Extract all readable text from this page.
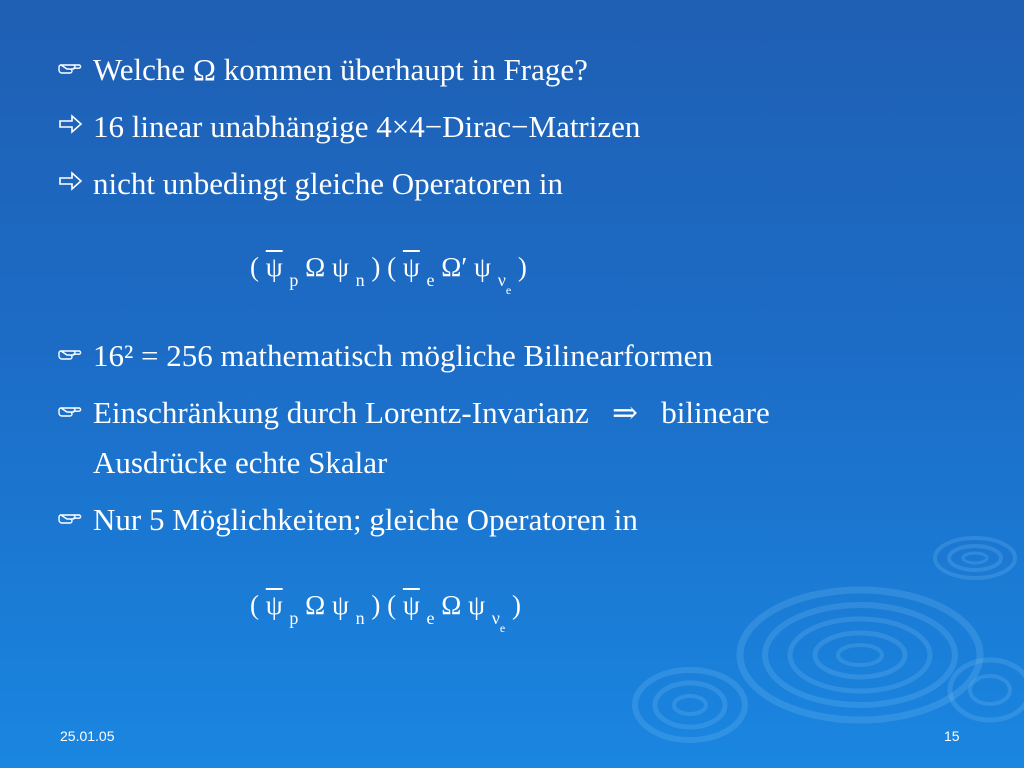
Welche Ω kommen überhaupt in Frage?
16 linear unabhängige 4×4−Dirac−Matrizen
nicht unbedingt gleiche Operatoren in
( $\overline{\psi}$ $_p$ Ω ψ $_n$ ) ( $\overline{\psi}$ $_e$ Ω′ ψ $_{\nu e}$ )
16² = 256 mathematisch mögliche Bilinearformen
Einschränkung durch Lorentz-Invarianz   ⇒   bilineare
Ausdrücke echte Skalar
Nur 5 Möglichkeiten; gleiche Operatoren in
( $\overline{\psi}$ $_p$ Ω ψ $_n$ ) ( $\overline{\psi}$ $_e$ Ω ψ $_{\nu e}$ )
25.01.05	15
